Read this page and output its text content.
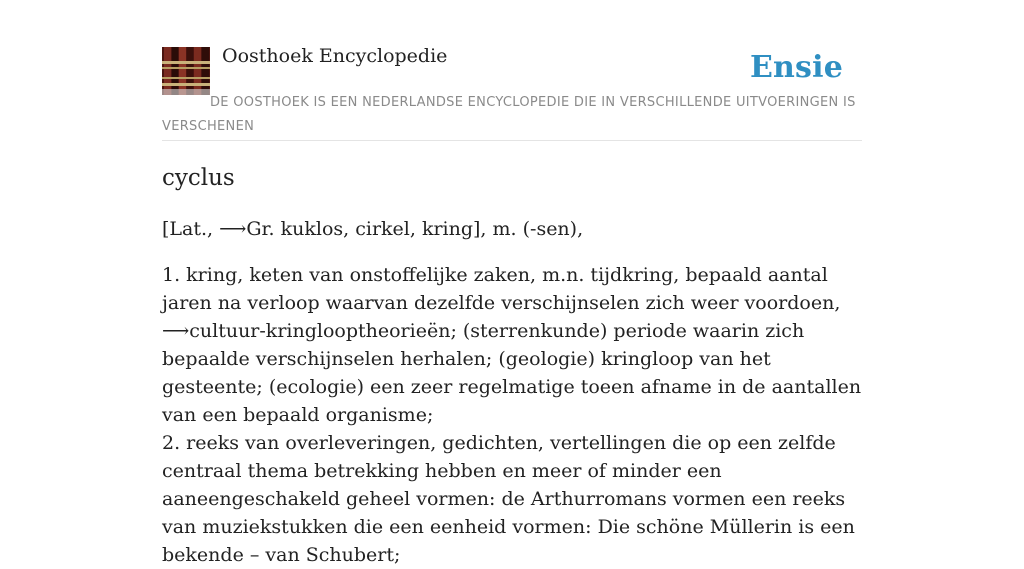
Oosthoek Encyclopedie	Ensie
DE OOSTHOEK IS EEN NEDERLANDSE ENCYCLOPEDIE DIE IN VERSCHILLENDE UITVOERINGEN IS VERSCHENEN
cyclus

[Lat., ⟶Gr. kuklos, cirkel, kring], m. (-sen),

1. kring, keten van onstoffelijke zaken, m.n. tijdkring, bepaald aantal jaren na verloop waarvan dezelfde verschijnselen zich weer voordoen, ⟶cultuur-kringlooptheorieën; (sterrenkunde) periode waarin zich bepaalde verschijnselen herhalen; (geologie) kringloop van het gesteente; (ecologie) een zeer regelmatige toeen afname in de aantallen van een bepaald organisme;
2. reeks van overleveringen, gedichten, vertellingen die op een zelfde centraal thema betrekking hebben en meer of minder een aaneengeschakeld geheel vormen: de Arthurromans vormen een reeks van muziekstukken die een eenheid vormen: Die schöne Müllerin is een bekende – van Schubert;
